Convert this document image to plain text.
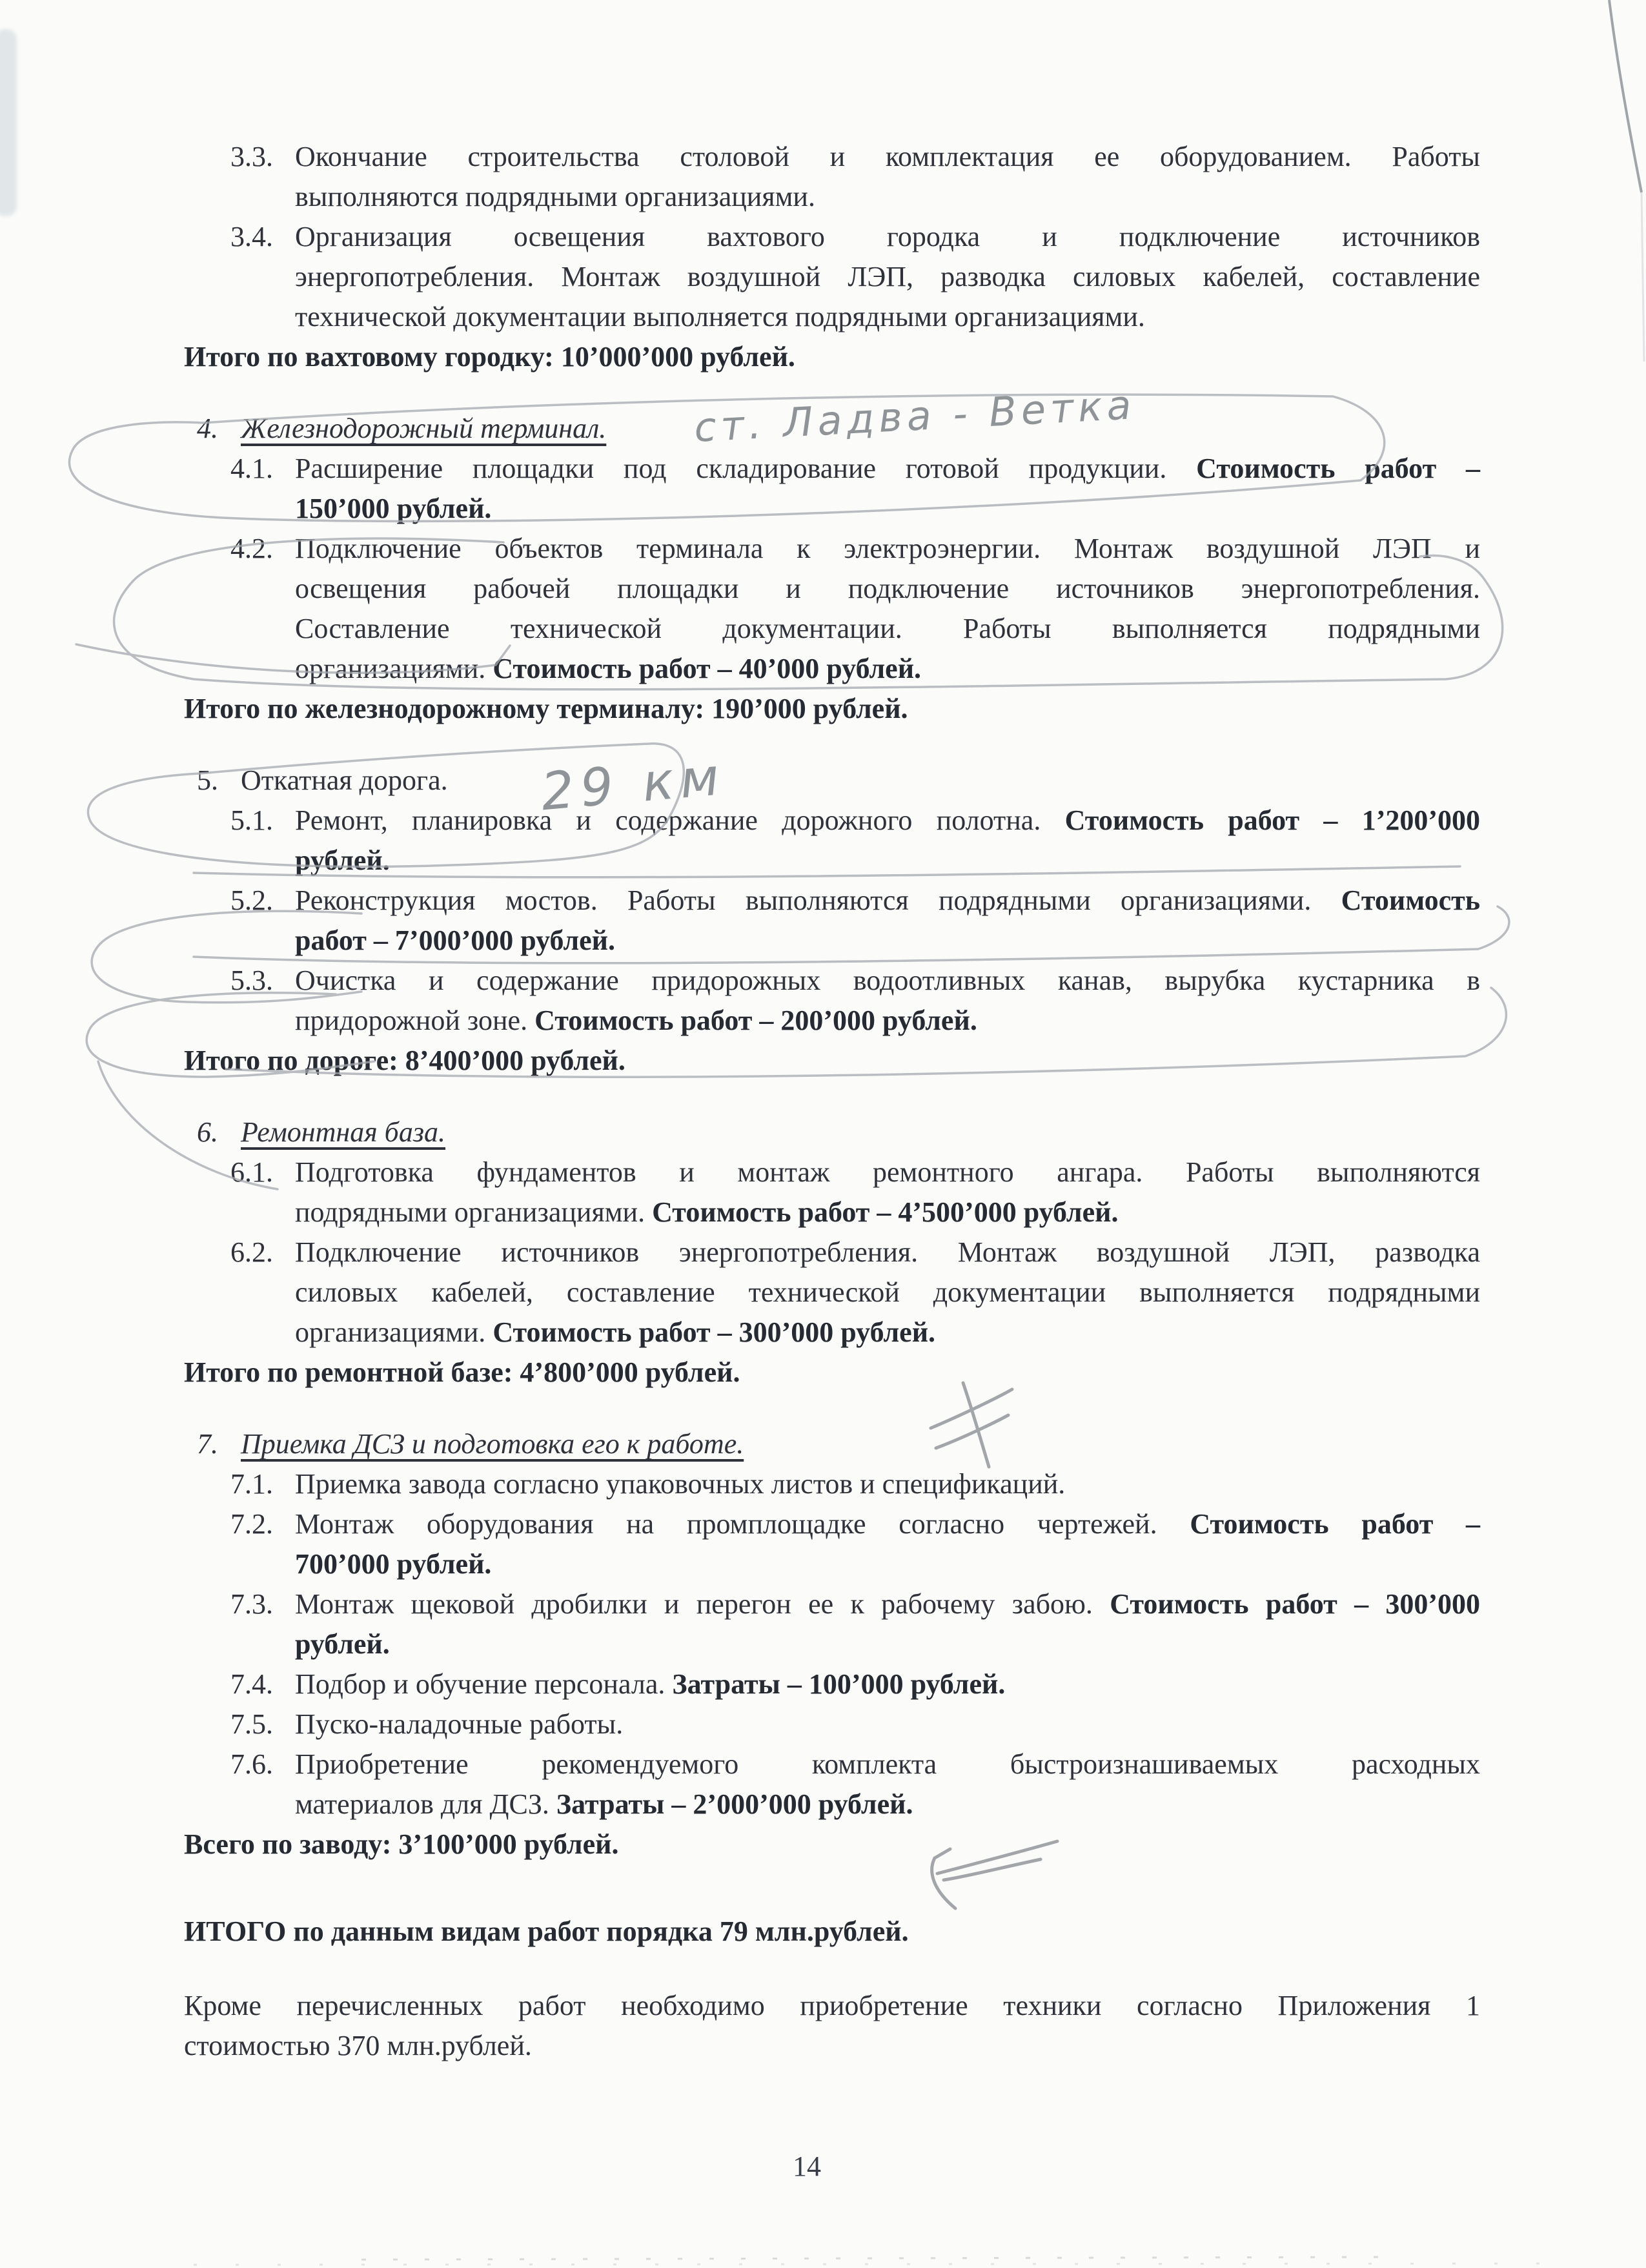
3.3. Окончание строительства столовой и комплектация ее оборудованием. Работы
выполняются подрядными организациями.
3.4. Организация освещения вахтового городка и подключение источников
энергопотребления. Монтаж воздушной ЛЭП, разводка силовых кабелей, составление
технической документации выполняется подрядными организациями.
Итого по вахтовому городку: 10’000’000 рублей.
4. Железнодорожный терминал.
4.1. Расширение площадки под складирование готовой продукции. Стоимость работ –
150’000 рублей.
4.2. Подключение объектов терминала к электроэнергии. Монтаж воздушной ЛЭП и
освещения рабочей площадки и подключение источников энергопотребления.
Составление технической документации. Работы выполняется подрядными
организациями. Стоимость работ – 40’000 рублей.
Итого по железнодорожному терминалу: 190’000 рублей.
5. Откатная дорога.
5.1. Ремонт, планировка и содержание дорожного полотна. Стоимость работ – 1’200’000
рублей.
5.2. Реконструкция мостов. Работы выполняются подрядными организациями. Стоимость
работ – 7’000’000 рублей.
5.3. Очистка и содержание придорожных водоотливных канав, вырубка кустарника в
придорожной зоне. Стоимость работ – 200’000 рублей.
Итого по дороге: 8’400’000 рублей.
6. Ремонтная база.
6.1. Подготовка фундаментов и монтаж ремонтного ангара. Работы выполняются
подрядными организациями. Стоимость работ – 4’500’000 рублей.
6.2. Подключение источников энергопотребления. Монтаж воздушной ЛЭП, разводка
силовых кабелей, составление технической документации выполняется подрядными
организациями. Стоимость работ – 300’000 рублей.
Итого по ремонтной базе: 4’800’000 рублей.
7. Приемка ДСЗ и подготовка его к работе.
7.1. Приемка завода согласно упаковочных листов и спецификаций.
7.2. Монтаж оборудования на промплощадке согласно чертежей. Стоимость работ –
700’000 рублей.
7.3. Монтаж щековой дробилки и перегон ее к рабочему забою. Стоимость работ – 300’000
рублей.
7.4. Подбор и обучение персонала. Затраты – 100’000 рублей.
7.5. Пуско-наладочные работы.
7.6. Приобретение рекомендуемого комплекта быстроизнашиваемых расходных
материалов для ДСЗ. Затраты – 2’000’000 рублей.
Всего по заводу: 3’100’000 рублей.
ИТОГО по данным видам работ порядка 79 млн.рублей.
Кроме перечисленных работ необходимо приобретение техники согласно Приложения 1
стоимостью 370 млн.рублей.
ст. Ладва - Ветка
29 км
14
